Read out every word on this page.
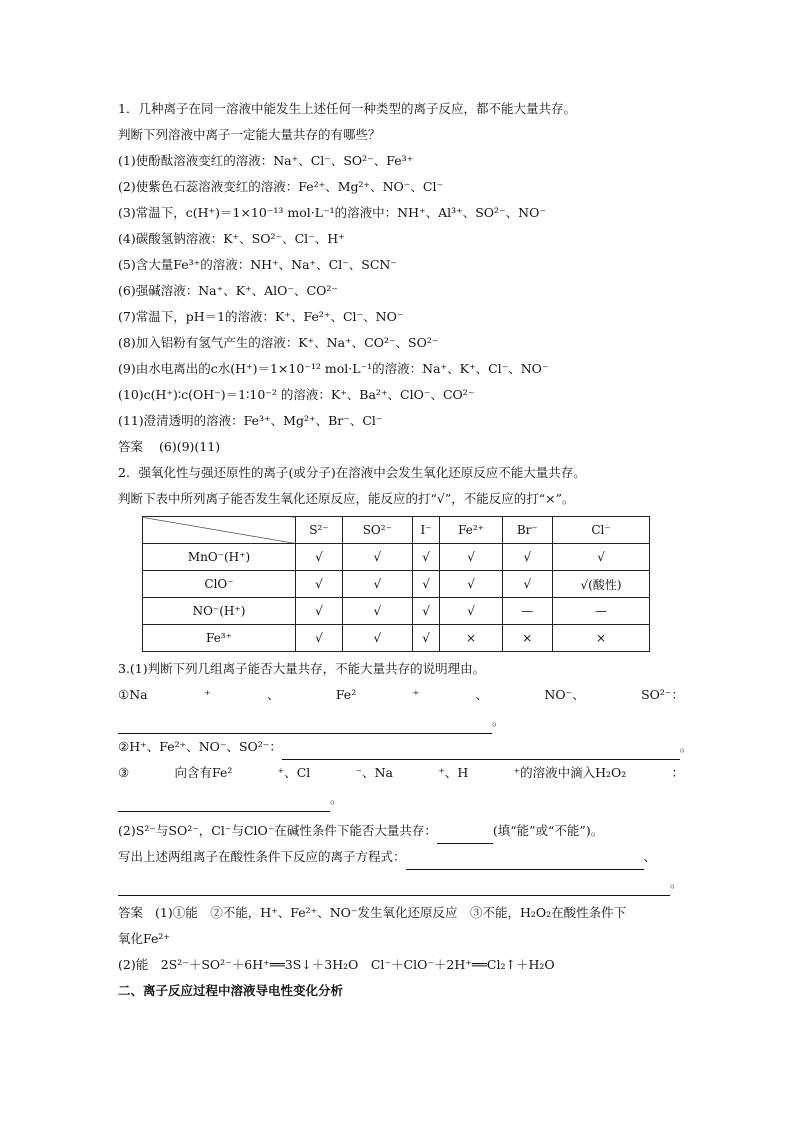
1．几种离子在同一溶液中能发生上述任何一种类型的离子反应，都不能大量共存。
判断下列溶液中离子一定能大量共存的有哪些？
(1)使酚酞溶液变红的溶液：Na⁺、Cl⁻、SO²⁻、Fe³⁺
(2)使紫色石蕊溶液变红的溶液：Fe²⁺、Mg²⁺、NO⁻、Cl⁻
(3)常温下，c(H⁺)＝1×10⁻¹³ mol·L⁻¹的溶液中：NH⁺、Al³⁺、SO²⁻、NO⁻
(4)碳酸氢钠溶液：K⁺、SO²⁻、Cl⁻、H⁺
(5)含大量Fe³⁺的溶液：NH⁺、Na⁺、Cl⁻、SCN⁻
(6)强碱溶液：Na⁺、K⁺、AlO⁻、CO²⁻
(7)常温下，pH＝1的溶液：K⁺、Fe²⁺、Cl⁻、NO⁻
(8)加入铝粉有氢气产生的溶液：K⁺、Na⁺、CO²⁻、SO²⁻
(9)由水电离出的c水(H⁺)＝1×10⁻¹² mol·L⁻¹的溶液：Na⁺、K⁺、Cl⁻、NO⁻
(10)c(H⁺)∶c(OH⁻)＝1∶10⁻² 的溶液：K⁺、Ba²⁺、ClO⁻、CO²⁻
(11)澄清透明的溶液：Fe³⁺、Mg²⁺、Br⁻、Cl⁻
答案 (6)(9)(11)
2．强氧化性与强还原性的离子(或分子)在溶液中会发生氧化还原反应不能大量共存。
判断下表中所列离子能否发生氧化还原反应，能反应的打“√”，不能反应的打“×”。
	S²⁻	SO²⁻	I⁻	Fe²⁺	Br⁻	Cl⁻
MnO⁻(H⁺)	√	√	√	√	√	√
ClO⁻	√	√	√	√	√	√(酸性)
NO⁻(H⁺)	√	√	√	√	—	—
Fe³⁺	√	√	√	×	×	×
3.(1)判断下列几组离子能否大量共存，不能大量共存的说明理由。
①Na	⁺	、	Fe²	⁺	、	NO⁻、	SO²⁻：
。
②H⁺、Fe²⁺、NO⁻、SO²⁻：	。
③	向含有Fe²	⁺、Cl	⁻、Na	⁺、H	⁺的溶液中滴入H₂O₂	：
。
(2)S²⁻与SO²⁻，Cl⁻与ClO⁻在碱性条件下能否大量共存：	(填“能”或“不能”)。
写出上述两组离子在酸性条件下反应的离子方程式：	、
。
答案 (1)①能　②不能，H⁺、Fe²⁺、NO⁻发生氧化还原反应　③不能，H₂O₂在酸性条件下
氧化Fe²⁺
(2)能　2S²⁻＋SO²⁻＋6H⁺══3S↓＋3H₂O　Cl⁻＋ClO⁻＋2H⁺══Cl₂↑＋H₂O
二、离子反应过程中溶液导电性变化分析
